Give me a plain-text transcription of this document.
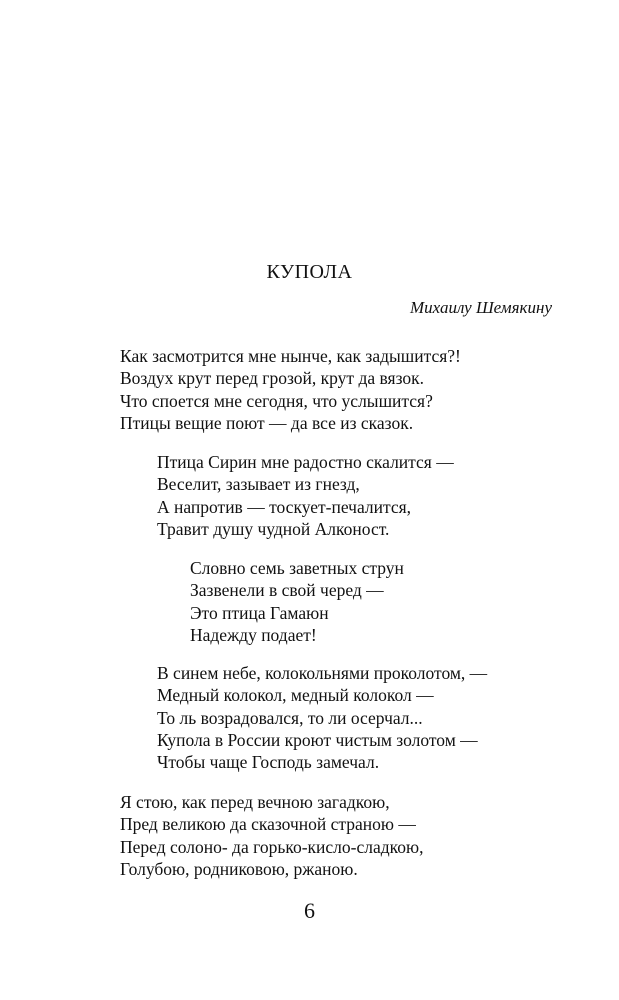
КУПОЛА
Михаилу Шемякину
Как засмотрится мне нынче, как задышится?!
Воздух крут перед грозой, крут да вязок.
Что споется мне сегодня, что услышится?
Птицы вещие поют — да все из сказок.
Птица Сирин мне радостно скалится —
Веселит, зазывает из гнезд,
А напротив — тоскует-печалится,
Травит душу чудной Алконост.
Словно семь заветных струн
Зазвенели в свой черед —
Это птица Гамаюн
Надежду подает!
В синем небе, колокольнями проколотом, —
Медный колокол, медный колокол —
То ль возрадовался, то ли осерчал...
Купола в России кроют чистым золотом —
Чтобы чаще Господь замечал.
Я стою, как перед вечною загадкою,
Пред великою да сказочной страною —
Перед солоно- да горько-кисло-сладкою,
Голубою, родниковою, ржаною.
6
